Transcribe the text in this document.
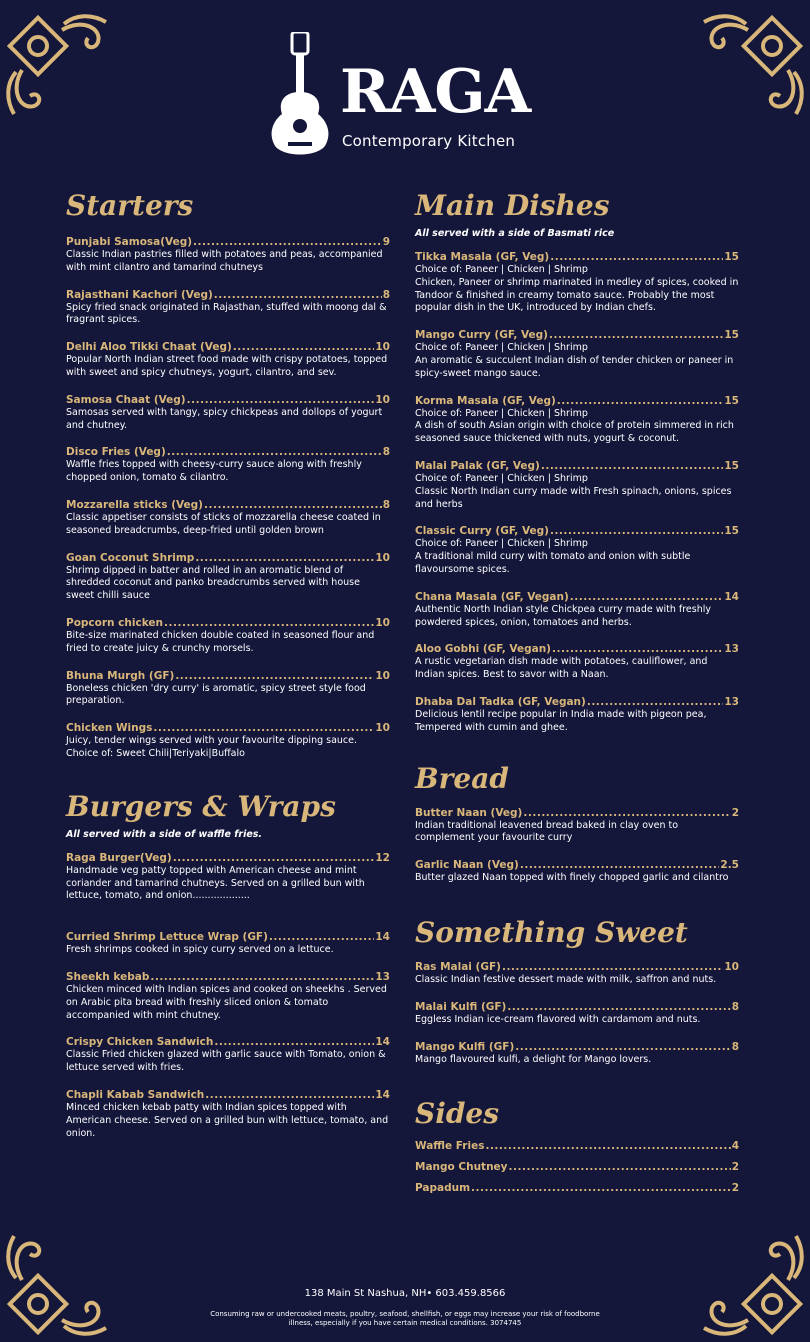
RAGA
Contemporary Kitchen
Starters
Punjabi Samosa(Veg) .....	9
Classic Indian pastries filled with potatoes and peas, accompanied with mint cilantro and tamarind chutneys
Rajasthani Kachori (Veg) .....	8
Spicy fried snack originated in Rajasthan, stuffed with moong dal & fragrant spices.
Delhi Aloo Tikki Chaat (Veg) .....	10
Popular North Indian street food made with crispy potatoes, topped with sweet and spicy chutneys, yogurt, cilantro, and sev.
Samosa Chaat (Veg) .....	10
Samosas served with tangy, spicy chickpeas and dollops of yogurt and chutney.
Disco Fries (Veg) .....	8
Waffle fries topped with cheesy-curry sauce along with freshly chopped onion, tomato & cilantro.
Mozzarella sticks (Veg) .....	8
Classic appetiser consists of sticks of mozzarella cheese coated in seasoned breadcrumbs, deep-fried until golden brown
Goan Coconut Shrimp .....	10
Shrimp dipped in batter and rolled in an aromatic blend of shredded coconut and panko breadcrumbs served with house sweet chilli sauce
Popcorn chicken .....	10
Bite-size marinated chicken double coated in seasoned flour and fried to create juicy & crunchy morsels.
Bhuna Murgh (GF) .....	10
Boneless chicken 'dry curry' is aromatic, spicy street style food preparation.
Chicken Wings .....	10
Juicy, tender wings served with your favourite dipping sauce.
Choice of: Sweet Chili|Teriyaki|Buffalo
Burgers & Wraps
All served with a side of waffle fries.
Raga Burger(Veg) .....	12
Handmade veg patty topped with American cheese and mint coriander and tamarind chutneys. Served on a grilled bun with lettuce, tomato, and onion...................
Curried Shrimp Lettuce Wrap (GF) .....	14
Fresh shrimps cooked in spicy curry served on a lettuce.
Sheekh kebab .....	13
Chicken minced with Indian spices and cooked on sheekhs . Served on Arabic pita bread with freshly sliced onion & tomato accompanied with mint chutney.
Crispy Chicken Sandwich .....	14
Classic Fried chicken glazed with garlic sauce with Tomato, onion & lettuce served with fries.
Chapli Kabab Sandwich .....	14
Minced chicken kebab patty with Indian spices topped with American cheese. Served on a grilled bun with lettuce, tomato, and onion.
Main Dishes
All served with a side of Basmati rice
Tikka Masala (GF, Veg) .....	15
Choice of: Paneer | Chicken | Shrimp
Chicken, Paneer or shrimp marinated in medley of spices, cooked in Tandoor & finished in creamy tomato sauce. Probably the most popular dish in the UK, introduced by Indian chefs.
Mango Curry (GF, Veg) .....	15
Choice of: Paneer | Chicken | Shrimp
An aromatic & succulent Indian dish of tender chicken or paneer in spicy-sweet mango sauce.
Korma Masala (GF, Veg) .....	15
Choice of: Paneer | Chicken | Shrimp
A dish of south Asian origin with choice of protein simmered in rich seasoned sauce thickened with nuts, yogurt & coconut.
Malai Palak (GF, Veg) .....	15
Choice of: Paneer | Chicken | Shrimp
Classic North Indian curry made with Fresh spinach, onions, spices and herbs
Classic Curry (GF, Veg) .....	15
Choice of: Paneer | Chicken | Shrimp
A traditional mild curry with tomato and onion with subtle flavoursome spices.
Chana Masala (GF, Vegan) .....	14
Authentic North Indian style Chickpea curry made with freshly powdered spices, onion, tomatoes and herbs.
Aloo Gobhi (GF, Vegan) .....	13
A rustic vegetarian dish made with potatoes, cauliflower, and Indian spices. Best to savor with a Naan.
Dhaba Dal Tadka (GF, Vegan) .....	13
Delicious lentil recipe popular in India made with pigeon pea, Tempered with cumin and ghee.
Bread
Butter Naan (Veg) .....	2
Indian traditional leavened bread baked in clay oven to complement your favourite curry
Garlic Naan (Veg) .....	2.5
Butter glazed Naan topped with finely chopped garlic and cilantro
Something Sweet
Ras Malai (GF) .....	10
Classic Indian festive dessert made with milk, saffron and nuts.
Malai Kulfi (GF) .....	8
Eggless Indian ice-cream flavored with cardamom and nuts.
Mango Kulfi (GF) .....	8
Mango flavoured kulfi, a delight for Mango lovers.
Sides
Waffle Fries .....	4
Mango Chutney .....	2
Papadum .....	2
138 Main St Nashua, NH• 603.459.8566
Consuming raw or undercooked meats, poultry, seafood, shellfish, or eggs may increase your risk of foodborne illness, especially if you have certain medical conditions. 3074745
